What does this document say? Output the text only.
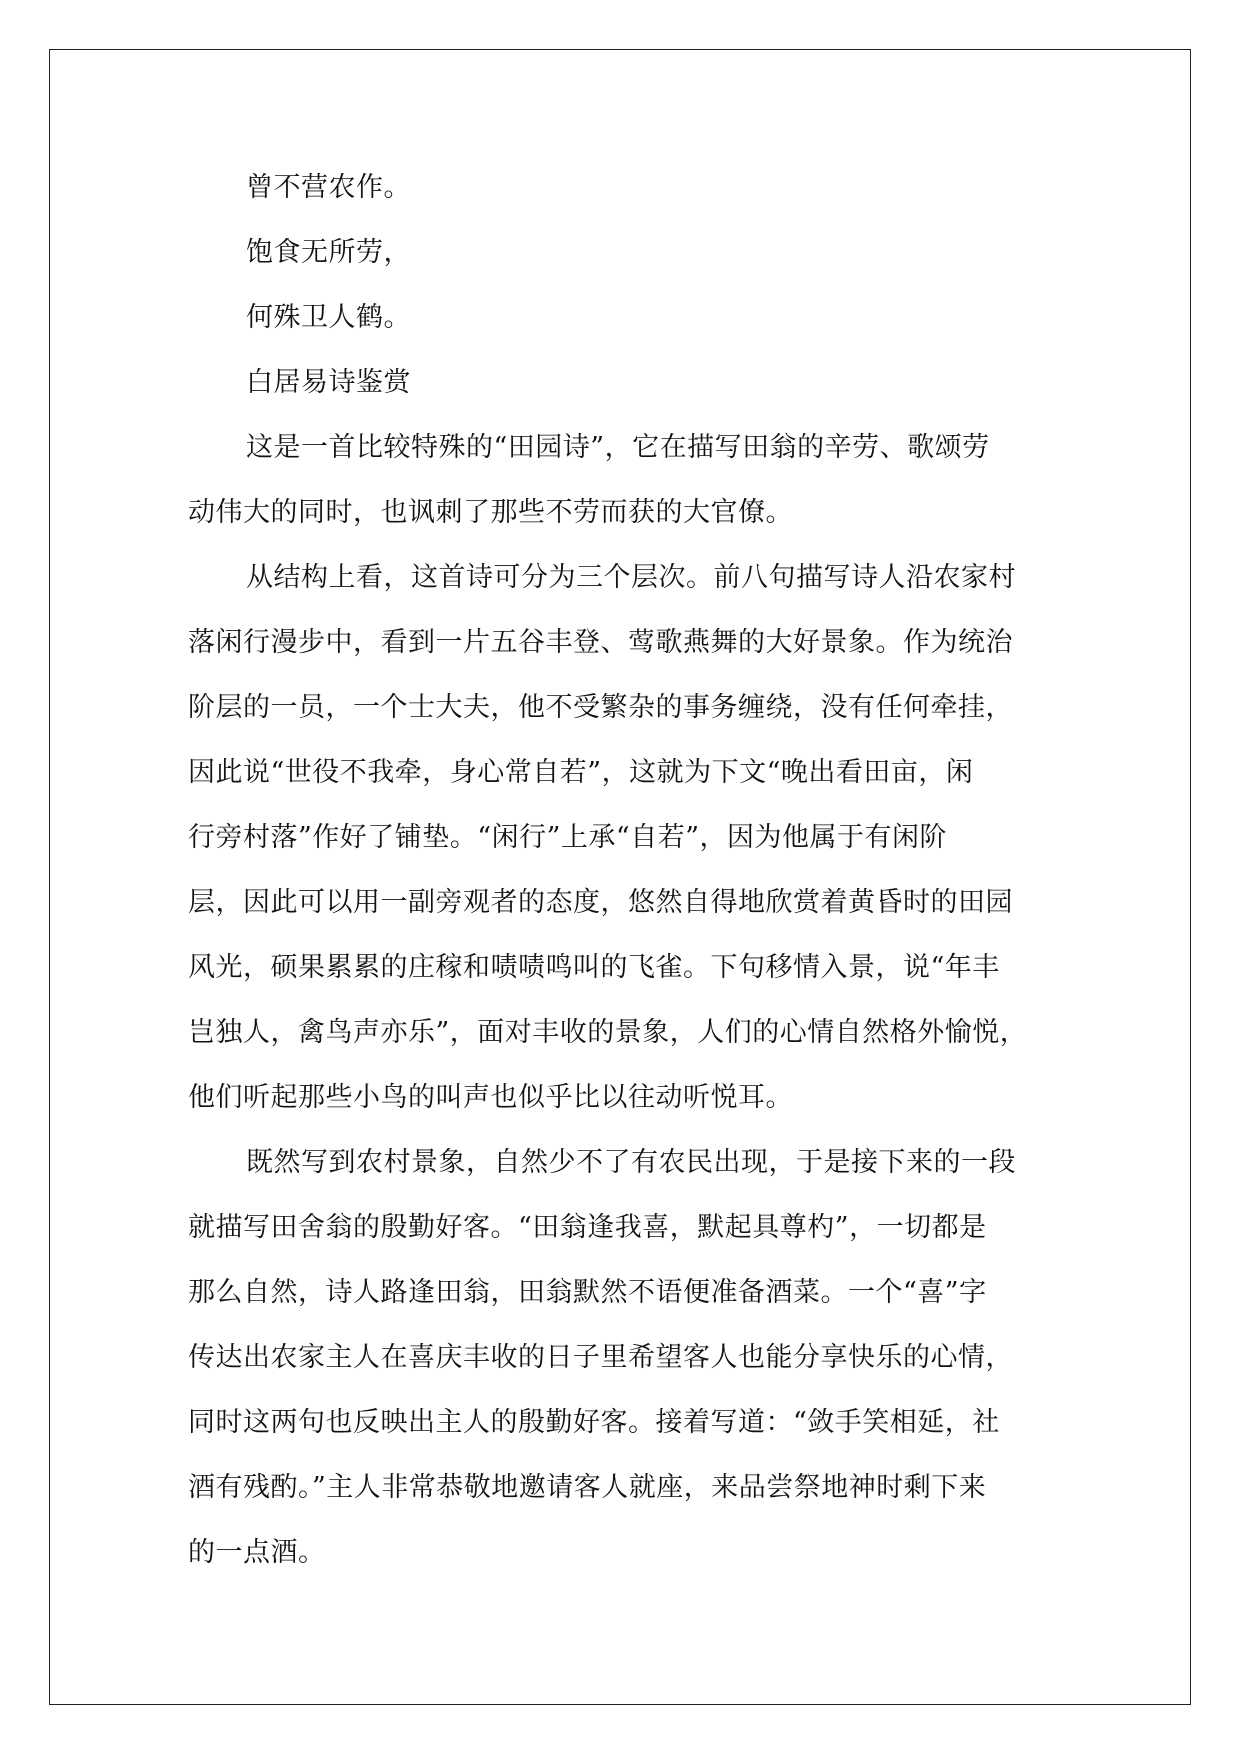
曾不营农作。
饱食无所劳，
何殊卫人鹤。
白居易诗鉴赏
这是一首比较特殊的“田园诗”，它在描写田翁的辛劳、歌颂劳
动伟大的同时，也讽刺了那些不劳而获的大官僚。
从结构上看，这首诗可分为三个层次。前八句描写诗人沿农家村
落闲行漫步中，看到一片五谷丰登、莺歌燕舞的大好景象。作为统治
阶层的一员，一个士大夫，他不受繁杂的事务缠绕，没有任何牵挂，
因此说“世役不我牵，身心常自若”，这就为下文“晚出看田亩，闲
行旁村落”作好了铺垫。“闲行”上承“自若”，因为他属于有闲阶
层，因此可以用一副旁观者的态度，悠然自得地欣赏着黄昏时的田园
风光，硕果累累的庄稼和啧啧鸣叫的飞雀。下句移情入景，说“年丰
岂独人，禽鸟声亦乐”，面对丰收的景象，人们的心情自然格外愉悦，
他们听起那些小鸟的叫声也似乎比以往动听悦耳。
既然写到农村景象，自然少不了有农民出现，于是接下来的一段
就描写田舍翁的殷勤好客。“田翁逢我喜，默起具尊杓”，一切都是
那么自然，诗人路逢田翁，田翁默然不语便准备酒菜。一个“喜”字
传达出农家主人在喜庆丰收的日子里希望客人也能分享快乐的心情，
同时这两句也反映出主人的殷勤好客。接着写道：“敛手笑相延，社
酒有残酌。”主人非常恭敬地邀请客人就座，来品尝祭地神时剩下来
的一点酒。
